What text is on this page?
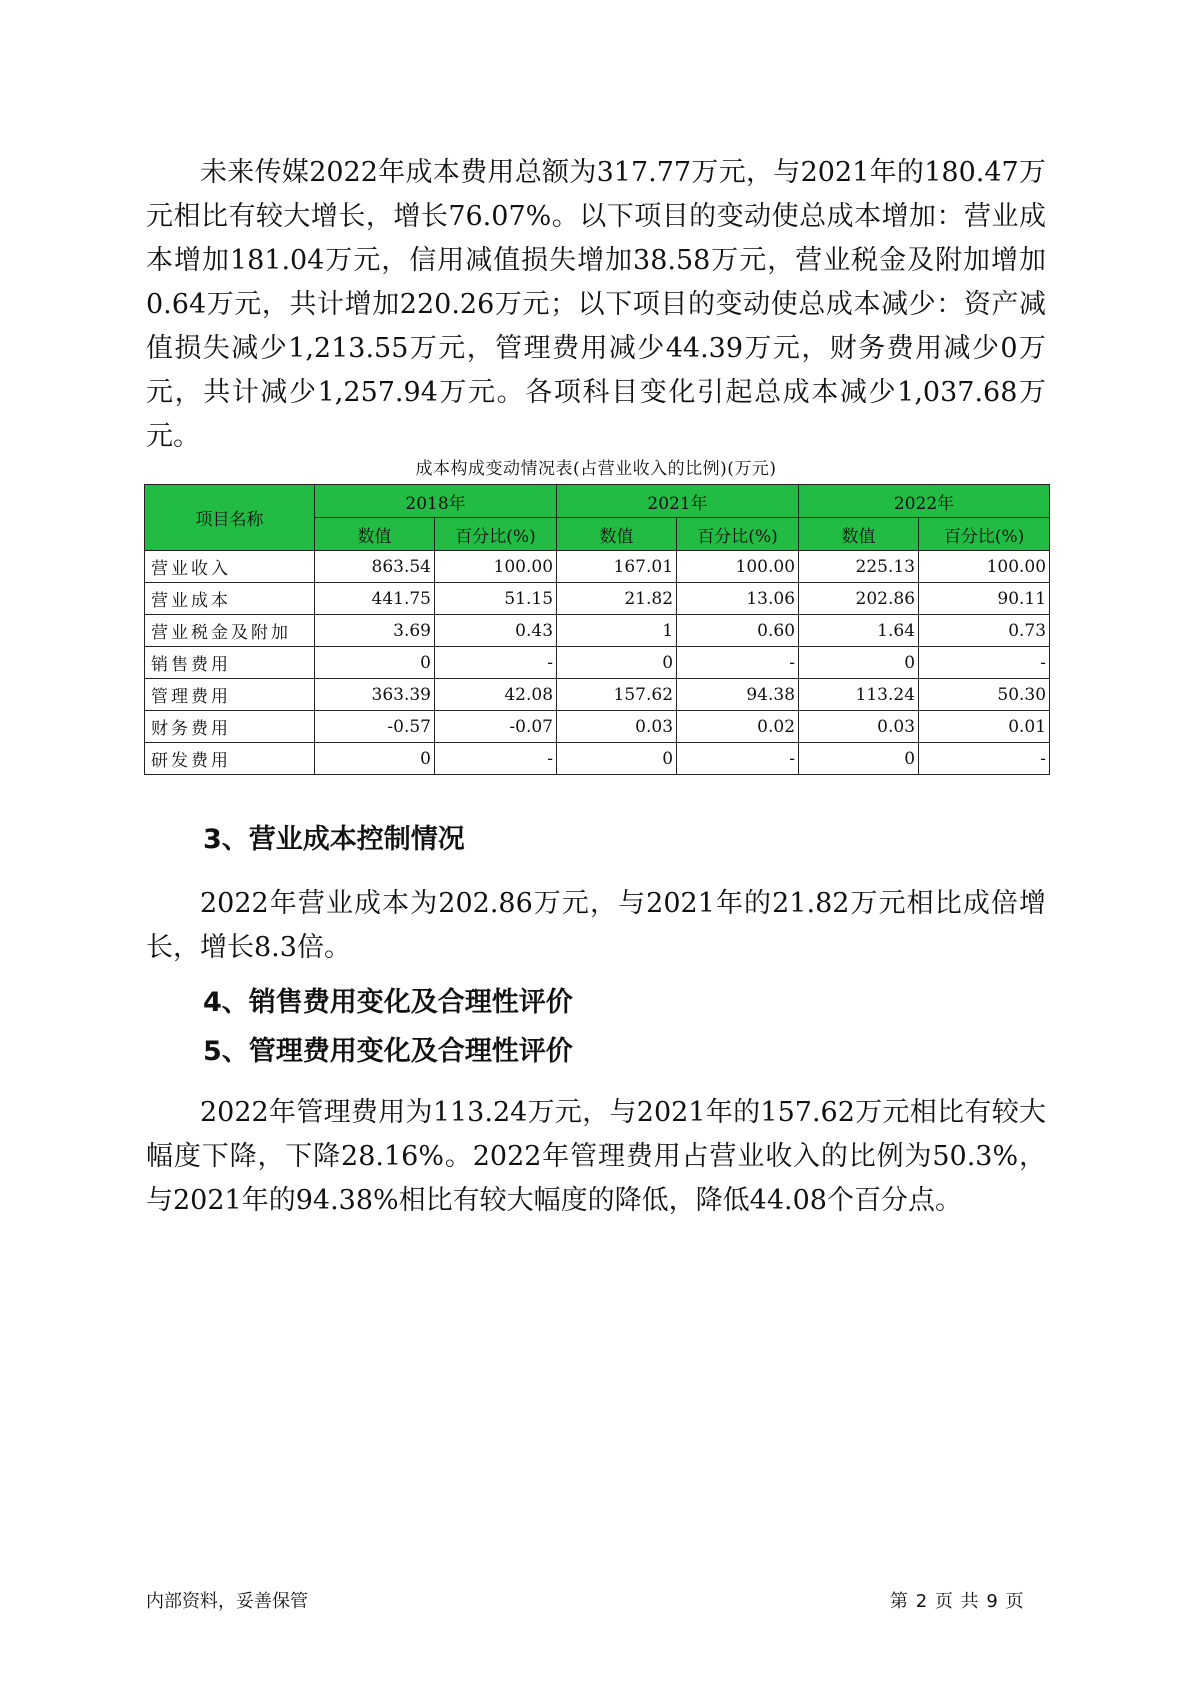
未来传媒2022年成本费用总额为317.77万元，与2021年的180.47万元相比有较大增长，增长76.07%。以下项目的变动使总成本增加：营业成本增加181.04万元，信用减值损失增加38.58万元，营业税金及附加增加0.64万元，共计增加220.26万元；以下项目的变动使总成本减少：资产减值损失减少1,213.55万元，管理费用减少44.39万元，财务费用减少0万元，共计减少1,257.94万元。各项科目变化引起总成本减少1,037.68万元。

成本构成变动情况表(占营业收入的比例)(万元)

项目名称	2018年		2021年		2022年	
	数值	百分比(%)	数值	百分比(%)	数值	百分比(%)
营业收入	863.54	100.00	167.01	100.00	225.13	100.00
营业成本	441.75	51.15	21.82	13.06	202.86	90.11
营业税金及附加	3.69	0.43	1	0.60	1.64	0.73
销售费用	0	-	0	-	0	-
管理费用	363.39	42.08	157.62	94.38	113.24	50.30
财务费用	-0.57	-0.07	0.03	0.02	0.03	0.01
研发费用	0	-	0	-	0	-
3、营业成本控制情况

2022年营业成本为202.86万元，与2021年的21.82万元相比成倍增长，增长8.3倍。

4、销售费用变化及合理性评价
5、管理费用变化及合理性评价

2022年管理费用为113.24万元，与2021年的157.62万元相比有较大幅度下降，下降28.16%。2022年管理费用占营业收入的比例为50.3%，与2021年的94.38%相比有较大幅度的降低，降低44.08个百分点。

内部资料，妥善保管	第 2 页 共 9 页
